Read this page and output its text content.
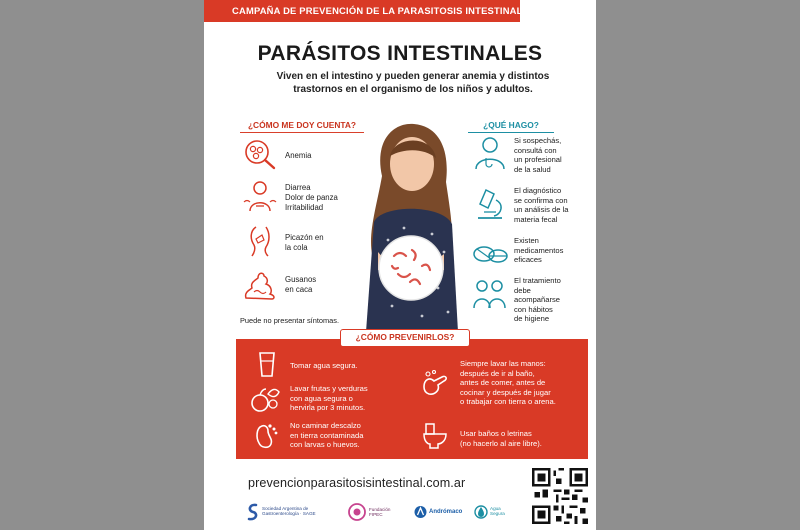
CAMPAÑA DE PREVENCIÓN DE LA PARASITOSIS INTESTINAL
PARÁSITOS INTESTINALES
Viven en el intestino y pueden generar anemia y distintos trastornos en el organismo de los niños y adultos.
¿CÓMO ME DOY CUENTA?
Anemia
Diarrea
Dolor de panza
Irritabilidad
Picazón en
la cola
Gusanos
en caca
Puede no presentar síntomas.
¿QUÉ HAGO?
Si sospechás,
consultá con
un profesional
de la salud
El diagnóstico
se confirma con
un análisis de la
materia fecal
Existen
medicamentos
eficaces
El tratamiento
debe
acompañarse
con hábitos
de higiene
¿CÓMO PREVENIRLOS?
Tomar agua segura.
Lavar frutas y verduras
con agua segura o
hervirla por 3 minutos.
No caminar descalzo
en tierra contaminada
con larvas o huevos.
Siempre lavar las manos:
después de ir al baño,
antes de comer, antes de
cocinar y después de jugar
o trabajar con tierra o arena.
Usar baños o letrinas
(no hacerlo al aire libre).
prevencionparasitosisintestinal.com.ar
Sociedad Argentina de
Gastroenterología · SAGE
Fundación
FIPEC	Andrómaco
Agua
Segura
